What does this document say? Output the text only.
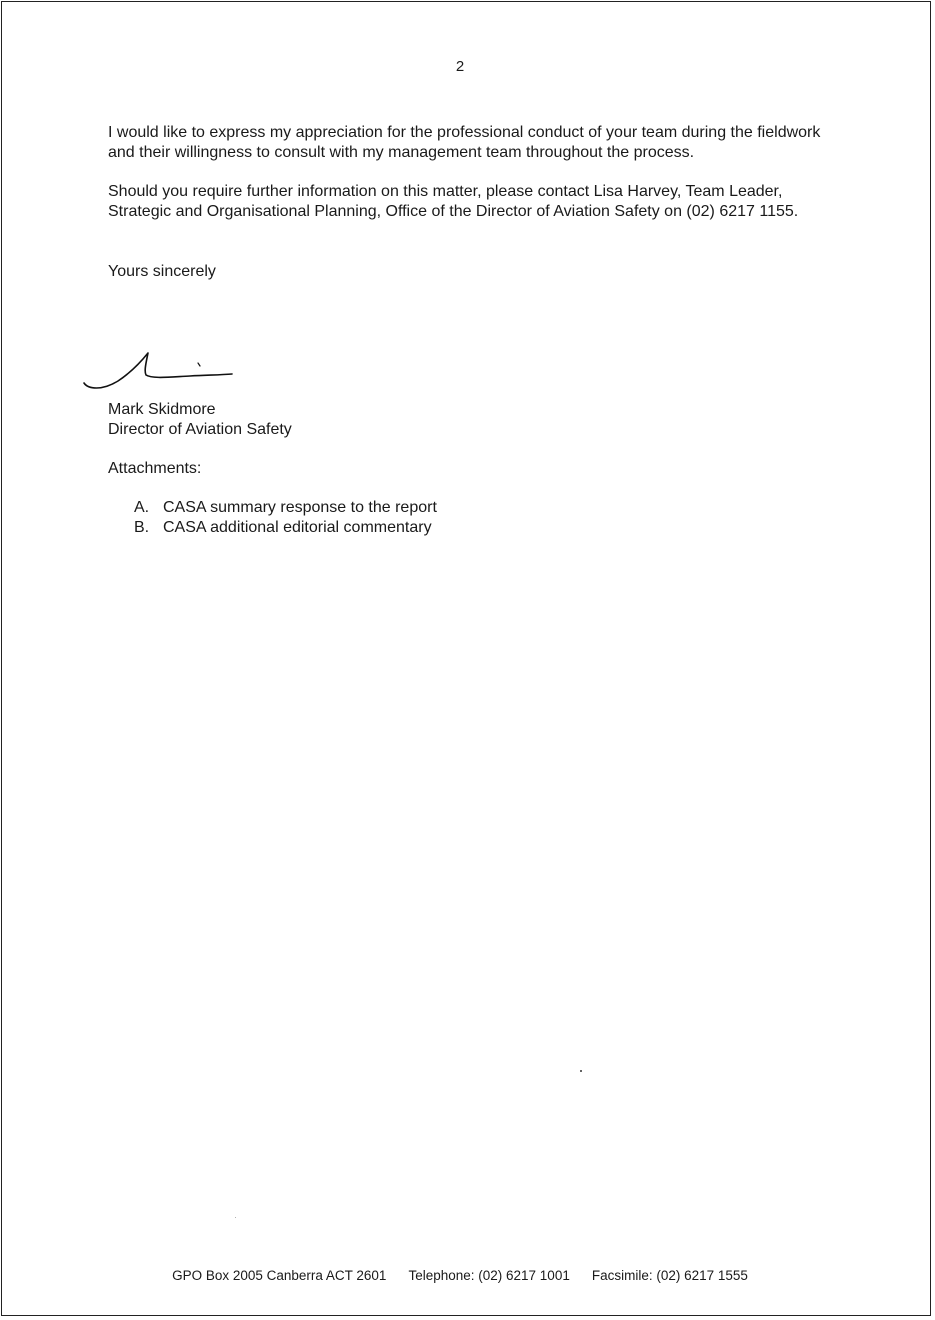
2

I would like to express my appreciation for the professional conduct of your team during the fieldwork and their willingness to consult with my management team throughout the process.

Should you require further information on this matter, please contact Lisa Harvey, Team Leader, Strategic and Organisational Planning, Office of the Director of Aviation Safety on (02) 6217 1155.

Yours sincerely

Mark Skidmore

Director of Aviation Safety

Attachments:

A. CASA summary response to the report
B. CASA additional editorial commentary
GPO Box 2005 Canberra ACT 2601 Telephone: (02) 6217 1001 Facsimile: (02) 6217 1555
